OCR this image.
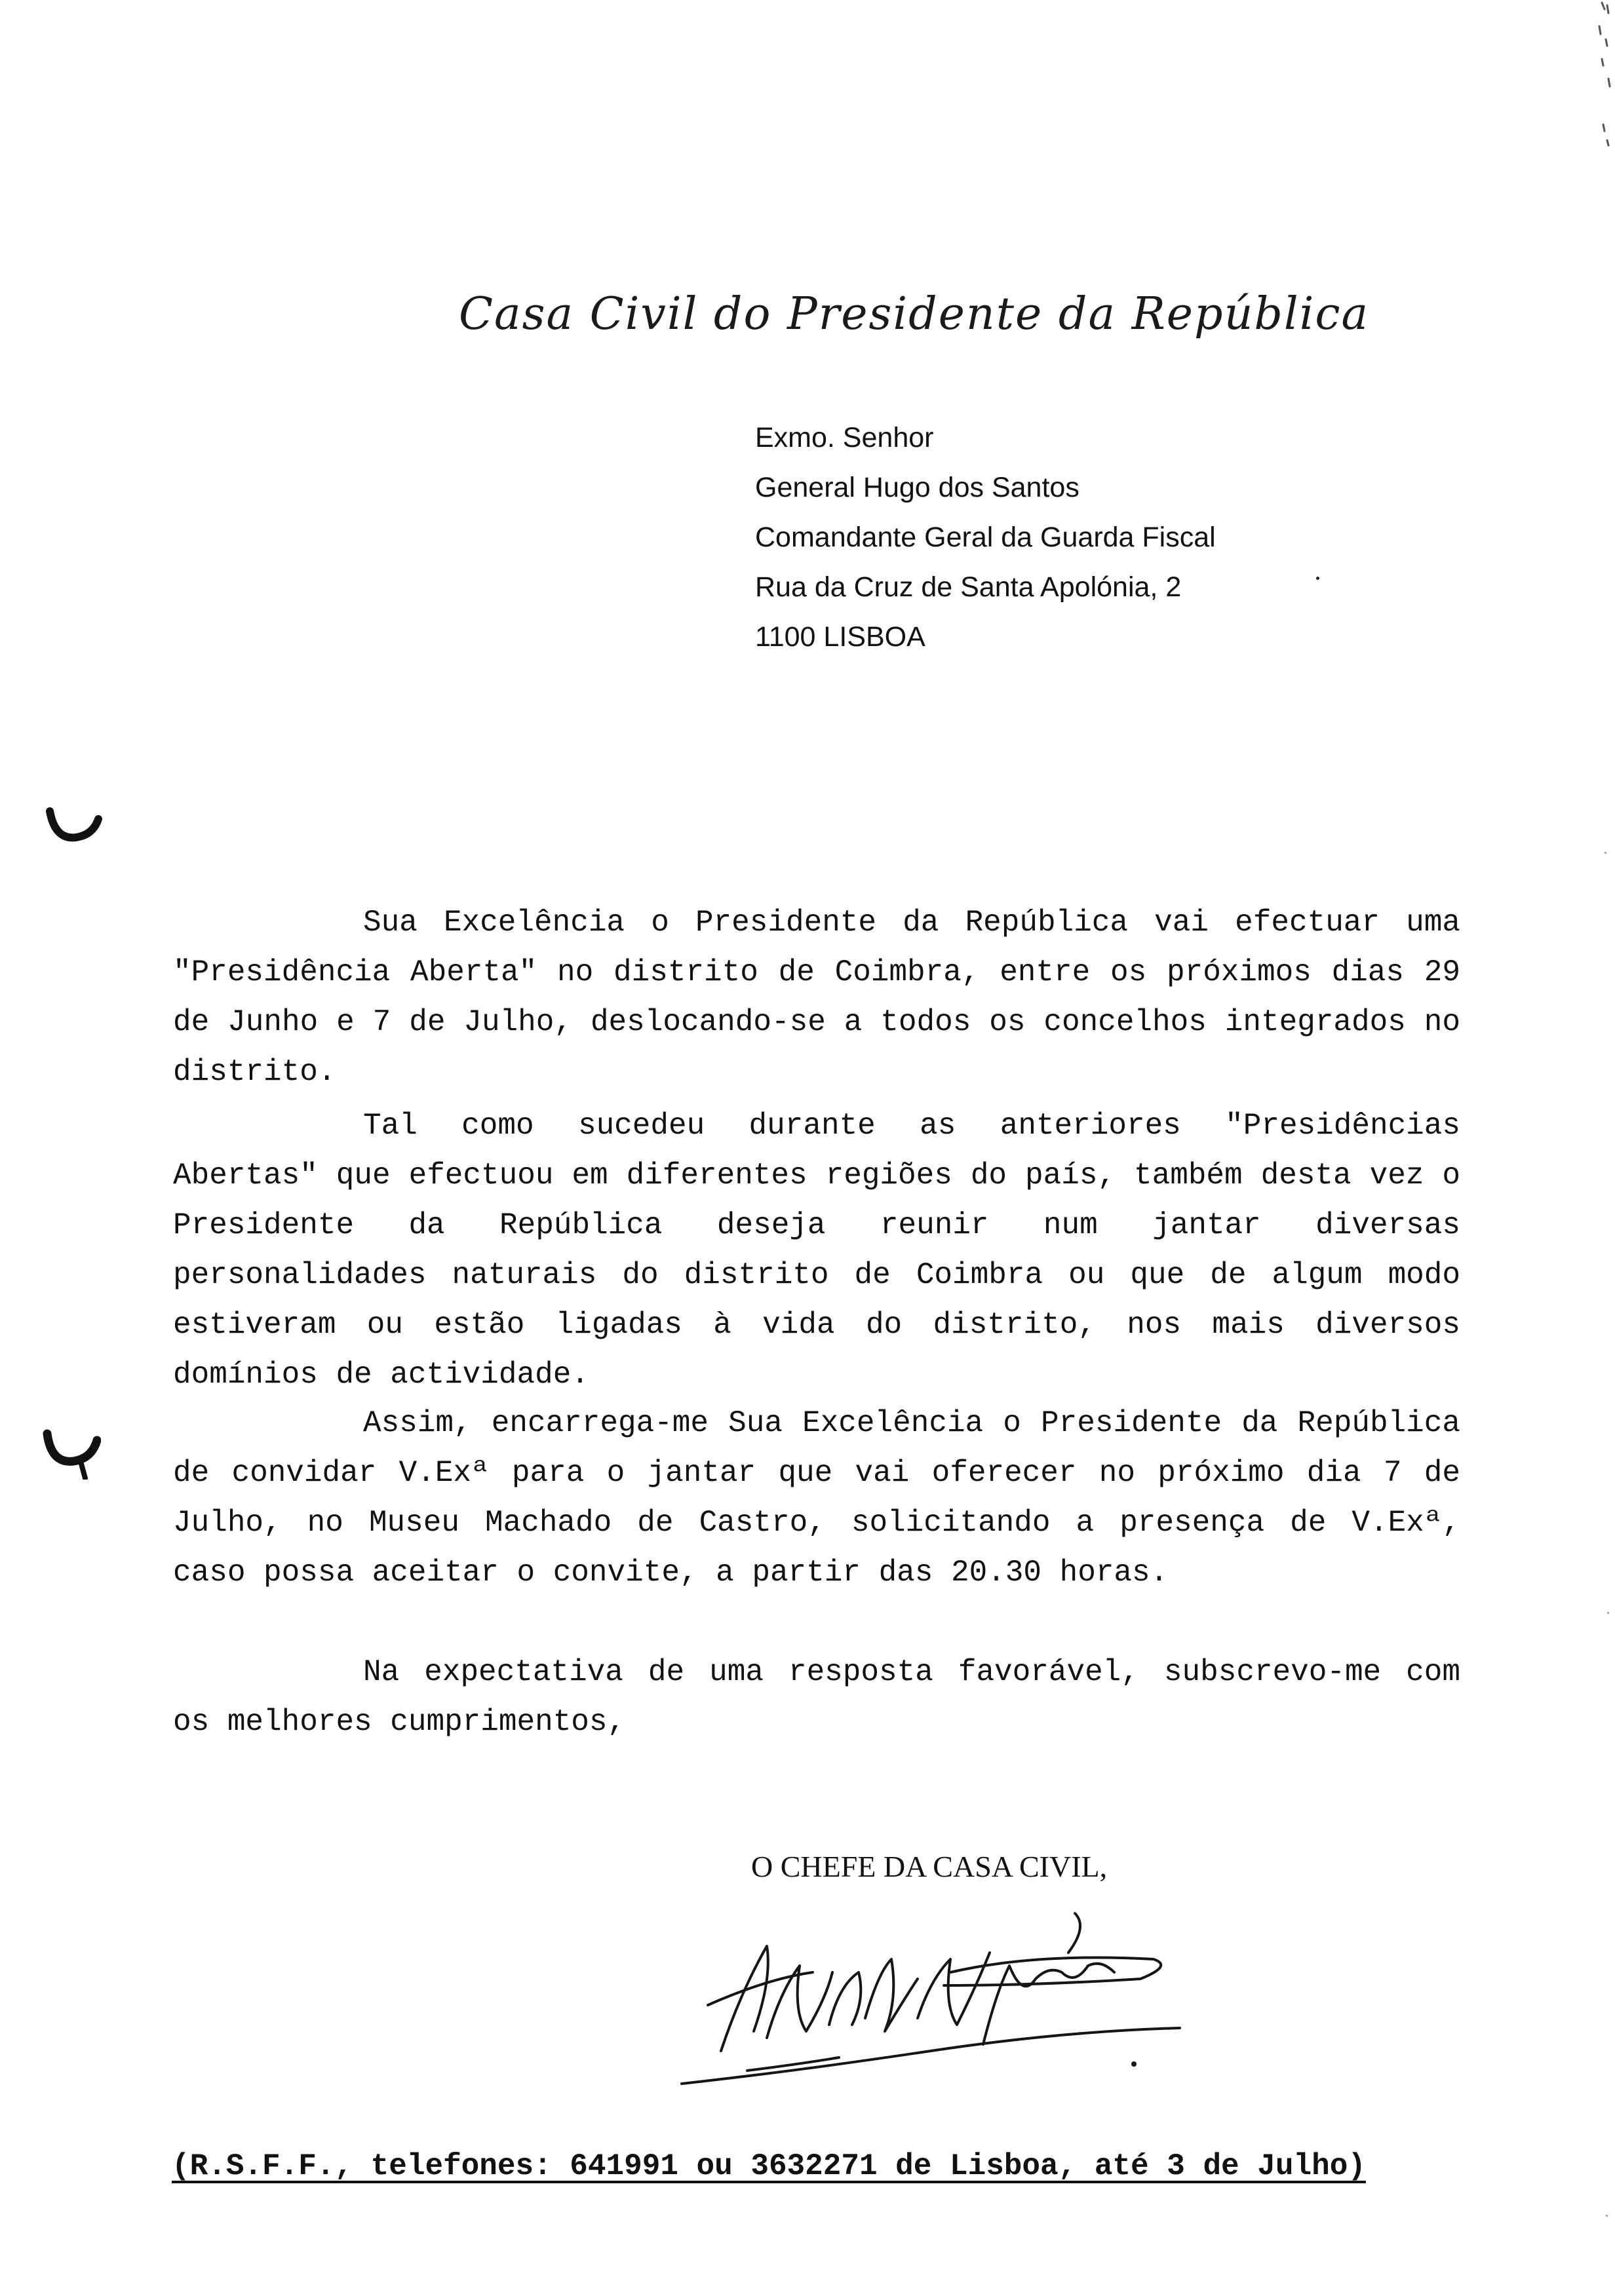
Casa Civil do Presidente da República
Exmo. Senhor
General Hugo dos Santos
Comandante Geral da Guarda Fiscal
Rua da Cruz de Santa Apolónia, 2
1100 LISBOA
Sua Excelência o Presidente da República vai efectuar uma "Presidência Aberta" no distrito de Coimbra, entre os próximos dias 29 de Junho e 7 de Julho, deslocando-se a todos os concelhos integrados no distrito.
Tal como sucedeu durante as anteriores "Presidências Abertas" que efectuou em diferentes regiões do país, também desta vez o Presidente da República deseja reunir num jantar diversas personalidades naturais do distrito de Coimbra ou que de algum modo estiveram ou estão ligadas à vida do distrito, nos mais diversos domínios de actividade.
Assim, encarrega-me Sua Excelência o Presidente da República de convidar V.Exª para o jantar que vai oferecer no próximo dia 7 de Julho, no Museu Machado de Castro, solicitando a presença de V.Exª, caso possa aceitar o convite, a partir das 20.30 horas.
Na expectativa de uma resposta favorável, subscrevo-me com os melhores cumprimentos,
O CHEFE DA CASA CIVIL,
(R.S.F.F., telefones: 641991 ou 3632271 de Lisboa, até 3 de Julho)
